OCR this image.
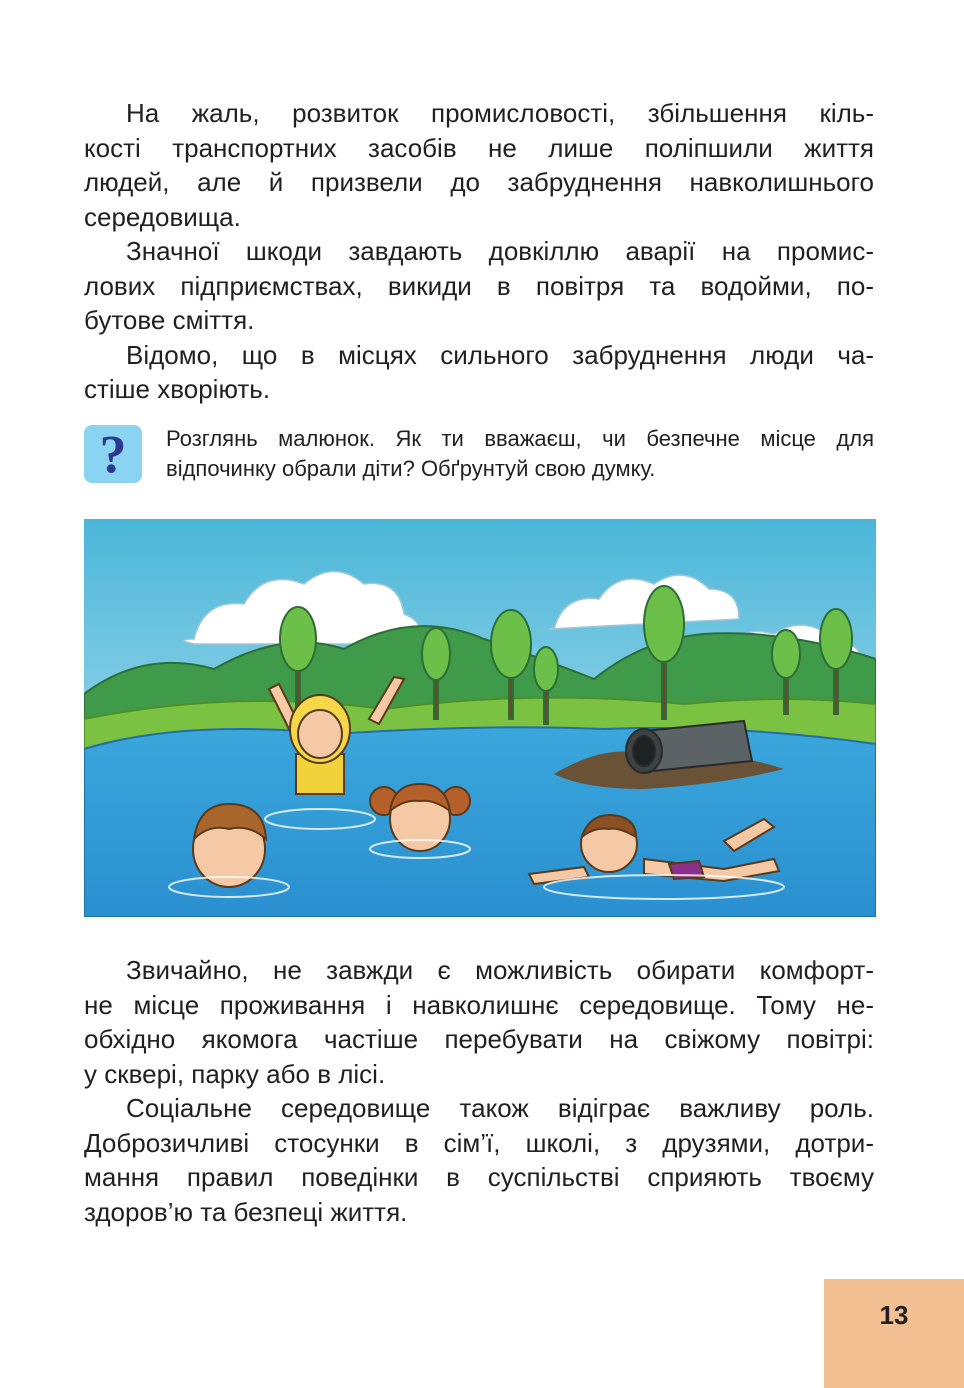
На жаль, розвиток промисловості, збільшення кіль-
кості транспортних засобів не лише поліпшили життя
людей, але й призвели до забруднення навколишнього
середовища.

Значної шкоди завдають довкіллю аварії на промис-
лових підприємствах, викиди в повітря та водойми, по-
бутове сміття.

Відомо, що в місцях сильного забруднення люди ча-
стіше хворіють.

?	Розглянь малюнок. Як ти вважаєш, чи безпечне місце для
відпочинку обрали діти? Обґрунтуй свою думку.

Звичайно, не завжди є можливість обирати комфорт-
не місце проживання і навколишнє середовище. Тому не-
обхідно якомога частіше перебувати на свіжому повітрі:
у сквері, парку або в лісі.

Соціальне середовище також відіграє важливу роль.
Доброзичливі стосунки в сім’ї, школі, з друзями, дотри-
мання правил поведінки в суспільстві сприяють твоєму
здоров’ю та безпеці життя.

13
